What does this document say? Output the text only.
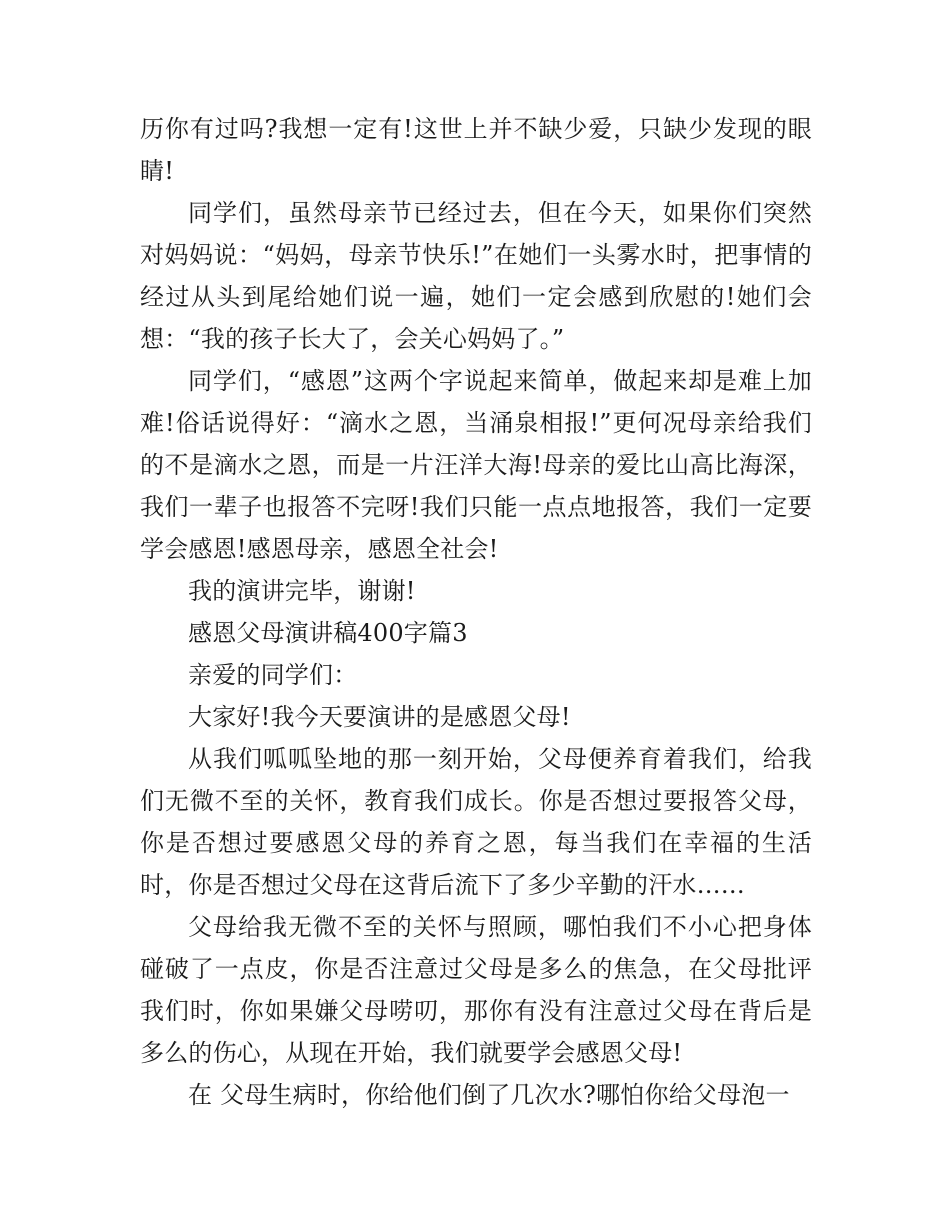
历你有过吗?我想一定有!这世上并不缺少爱，只缺少发现的眼睛!

同学们，虽然母亲节已经过去，但在今天，如果你们突然对妈妈说：“妈妈，母亲节快乐!”在她们一头雾水时，把事情的经过从头到尾给她们说一遍，她们一定会感到欣慰的!她们会想：“我的孩子长大了，会关心妈妈了。”

同学们，“感恩”这两个字说起来简单，做起来却是难上加难!俗话说得好：“滴水之恩，当涌泉相报!”更何况母亲给我们的不是滴水之恩，而是一片汪洋大海!母亲的爱比山高比海深，我们一辈子也报答不完呀!我们只能一点点地报答，我们一定要学会感恩!感恩母亲，感恩全社会!

我的演讲完毕，谢谢!

感恩父母演讲稿400字篇3

亲爱的同学们：

大家好!我今天要演讲的是感恩父母!

从我们呱呱坠地的那一刻开始，父母便养育着我们，给我们无微不至的关怀，教育我们成长。你是否想过要报答父母，你是否想过要感恩父母的养育之恩，每当我们在幸福的生活时，你是否想过父母在这背后流下了多少辛勤的汗水……

父母给我无微不至的关怀与照顾，哪怕我们不小心把身体碰破了一点皮，你是否注意过父母是多么的焦急，在父母批评我们时，你如果嫌父母唠叨，那你有没有注意过父母在背后是多么的伤心，从现在开始，我们就要学会感恩父母!

在 父母生病时，你给他们倒了几次水?哪怕你给父母泡一
